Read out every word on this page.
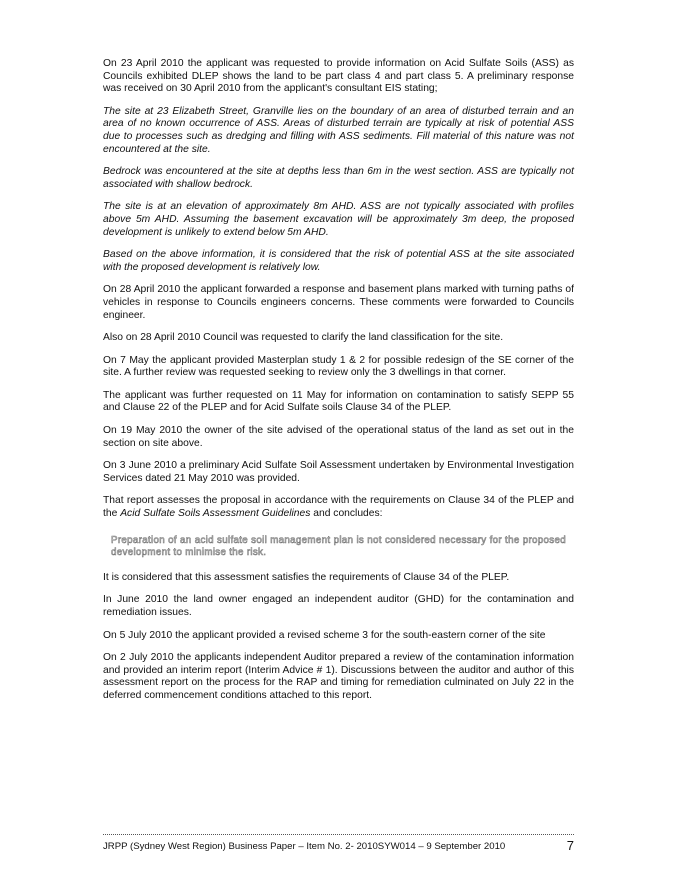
On 23 April 2010 the applicant was requested to provide information on Acid Sulfate Soils (ASS) as Councils exhibited DLEP shows the land to be part class 4 and part class 5. A preliminary response was received on 30 April 2010 from the applicant's consultant EIS stating;

The site at 23 Elizabeth Street, Granville lies on the boundary of an area of disturbed terrain and an area of no known occurrence of ASS. Areas of disturbed terrain are typically at risk of potential ASS due to processes such as dredging and filling with ASS sediments. Fill material of this nature was not encountered at the site.

Bedrock was encountered at the site at depths less than 6m in the west section. ASS are typically not associated with shallow bedrock.

The site is at an elevation of approximately 8m AHD. ASS are not typically associated with profiles above 5m AHD. Assuming the basement excavation will be approximately 3m deep, the proposed development is unlikely to extend below 5m AHD.

Based on the above information, it is considered that the risk of potential ASS at the site associated with the proposed development is relatively low.

On 28 April 2010 the applicant forwarded a response and basement plans marked with turning paths of vehicles in response to Councils engineers concerns. These comments were forwarded to Councils engineer.

Also on 28 April 2010 Council was requested to clarify the land classification for the site.

On 7 May the applicant provided Masterplan study 1 & 2 for possible redesign of the SE corner of the site. A further review was requested seeking to review only the 3 dwellings in that corner.

The applicant was further requested on 11 May for information on contamination to satisfy SEPP 55 and Clause 22 of the PLEP and for Acid Sulfate soils Clause 34 of the PLEP.

On 19 May 2010 the owner of the site advised of the operational status of the land as set out in the section on site above.

On 3 June 2010 a preliminary Acid Sulfate Soil Assessment undertaken by Environmental Investigation Services dated 21 May 2010 was provided.

That report assesses the proposal in accordance with the requirements on Clause 34 of the PLEP and the Acid Sulfate Soils Assessment Guidelines and concludes:

Preparation of an acid sulfate soil management plan is not considered necessary for the proposed development to minimise the risk.

It is considered that this assessment satisfies the requirements of Clause 34 of the PLEP.

In June 2010 the land owner engaged an independent auditor (GHD) for the contamination and remediation issues.

On 5 July 2010 the applicant provided a revised scheme 3 for the south-eastern corner of the site

On 2 July 2010 the applicants independent Auditor prepared a review of the contamination information and provided an interim report (Interim Advice # 1). Discussions between the auditor and author of this assessment report on the process for the RAP and timing for remediation culminated on July 22 in the deferred commencement conditions attached to this report.

JRPP (Sydney West Region) Business Paper – Item No. 2- 2010SYW014 – 9 September 2010	7
